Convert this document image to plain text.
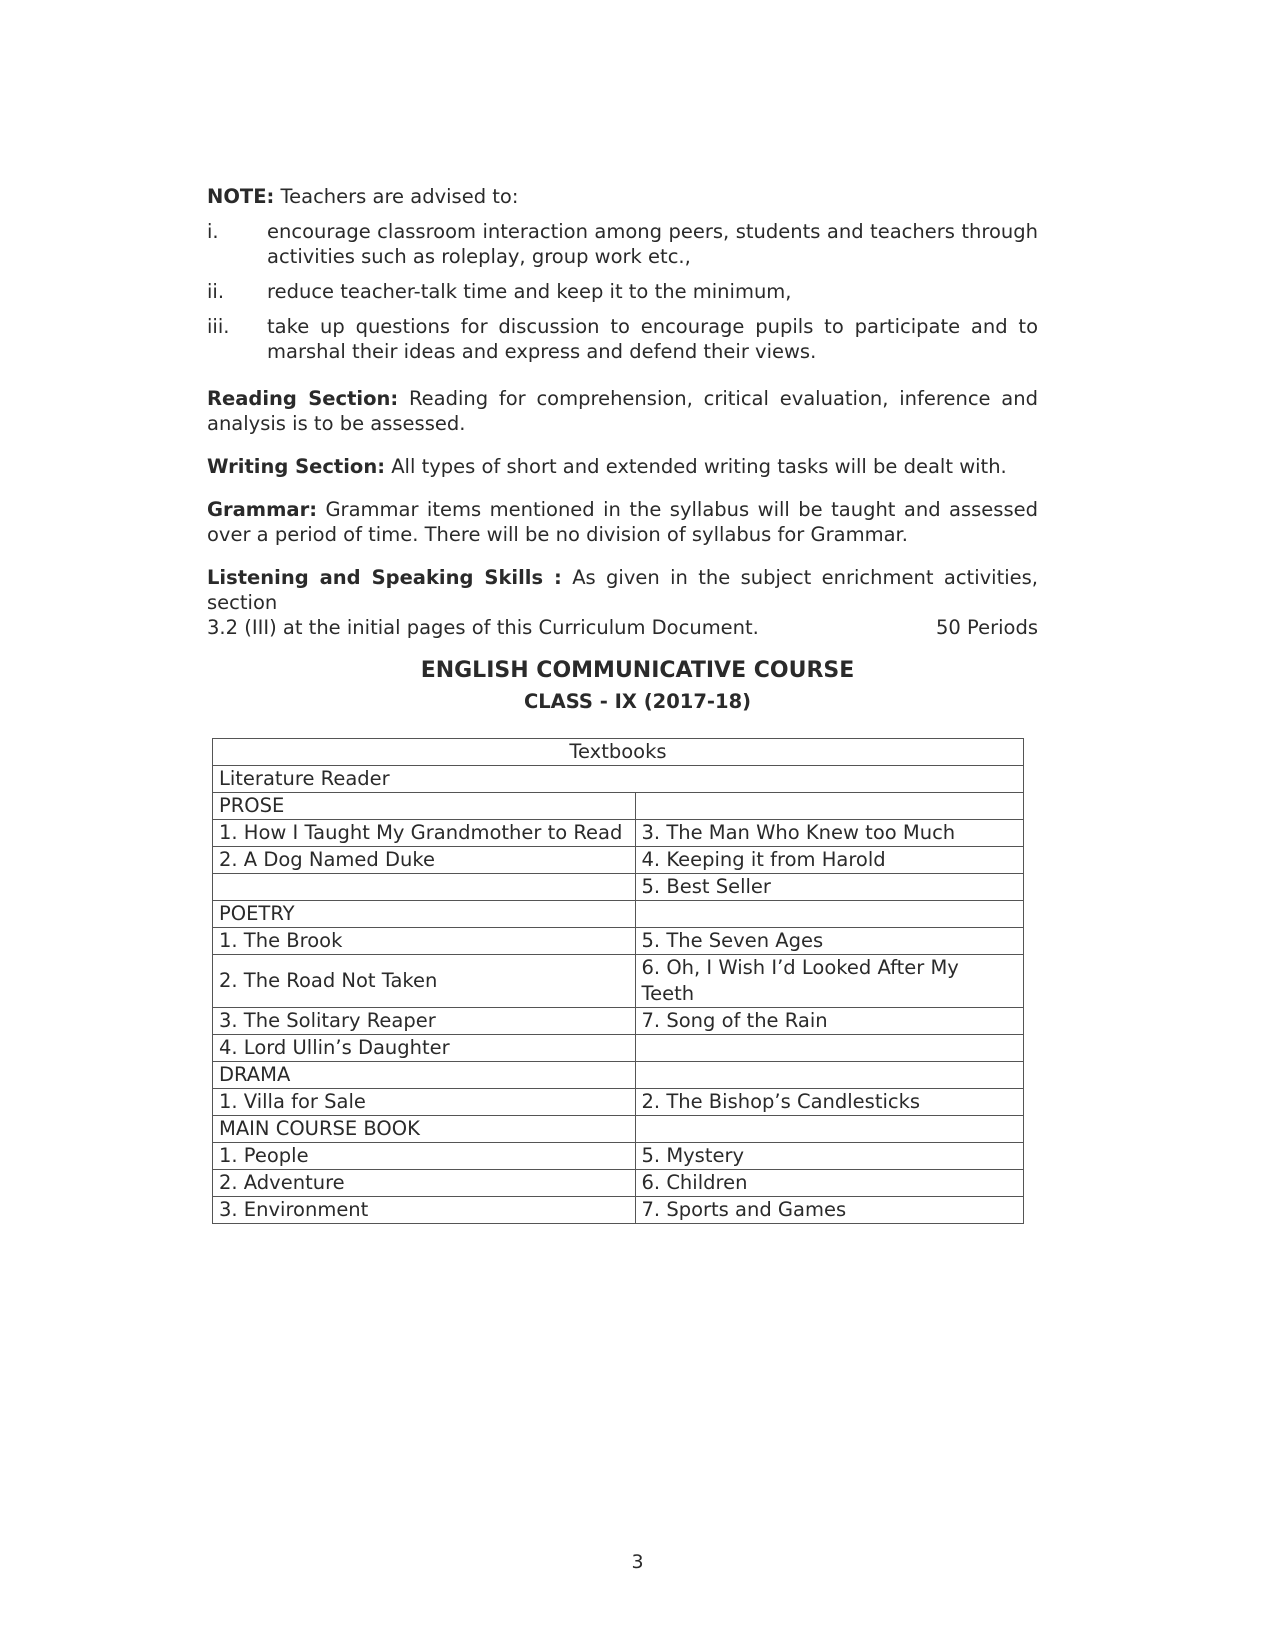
NOTE: Teachers are advised to:

i.	encourage classroom interaction among peers, students and teachers through activities such as roleplay, group work etc.,
ii.	reduce teacher-talk time and keep it to the minimum,
iii.	take up questions for discussion to encourage pupils to participate and to marshal their ideas and express and defend their views.

Reading Section: Reading for comprehension, critical evaluation, inference and analysis is to be assessed.

Writing Section: All types of short and extended writing tasks will be dealt with.

Grammar: Grammar items mentioned in the syllabus will be taught and assessed over a period of time. There will be no division of syllabus for Grammar.

Listening and Speaking Skills : As given in the subject enrichment activities, section
3.2 (III) at the initial pages of this Curriculum Document.	50 Periods
ENGLISH COMMUNICATIVE COURSE
CLASS - IX (2017-18)
Textbooks	
Literature Reader	
PROSE	
1. How I Taught My Grandmother to Read	3. The Man Who Knew too Much
2. A Dog Named Duke	4. Keeping it from Harold
	5. Best Seller
POETRY	
1. The Brook	5. The Seven Ages
2. The Road Not Taken	6. Oh, I Wish I’d Looked After My Teeth
3. The Solitary Reaper	7. Song of the Rain
4. Lord Ullin’s Daughter	
DRAMA	
1. Villa for Sale	2. The Bishop’s Candlesticks
MAIN COURSE BOOK	
1. People	5. Mystery
2. Adventure	6. Children
3. Environment	7. Sports and Games
3
